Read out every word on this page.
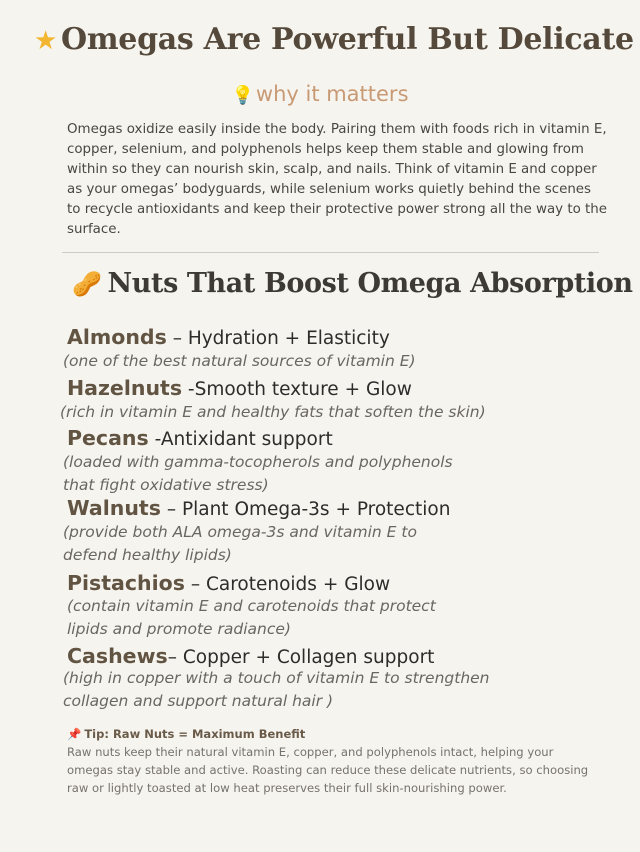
★ Omegas Are Powerful But Delicate
💡why it matters
Omegas oxidize easily inside the body. Pairing them with foods rich in vitamin E, copper, selenium, and polyphenols helps keep them stable and glowing from within so they can nourish skin, scalp, and nails. Think of vitamin E and copper as your omegas’ bodyguards, while selenium works quietly behind the scenes to recycle antioxidants and keep their protective power strong all the way to the surface.
🥜 Nuts That Boost Omega Absorption
Almonds – Hydration + Elasticity
(one of the best natural sources of vitamin E)
Hazelnuts -Smooth texture + Glow
(rich in vitamin E and healthy fats that soften the skin)
Pecans -Antixidant support
(loaded with gamma-tocopherols and polyphenols
that fight oxidative stress)
Walnuts – Plant Omega-3s + Protection
(provide both ALA omega-3s and vitamin E to
defend healthy lipids)
Pistachios – Carotenoids + Glow
(contain vitamin E and carotenoids that protect
lipids and promote radiance)
Cashews– Copper + Collagen support
(high in copper with a touch of vitamin E to strengthen
collagen and support natural hair )
📌 Tip: Raw Nuts = Maximum Benefit
Raw nuts keep their natural vitamin E, copper, and polyphenols intact, helping your omegas stay stable and active. Roasting can reduce these delicate nutrients, so choosing raw or lightly toasted at low heat preserves their full skin-nourishing power.
